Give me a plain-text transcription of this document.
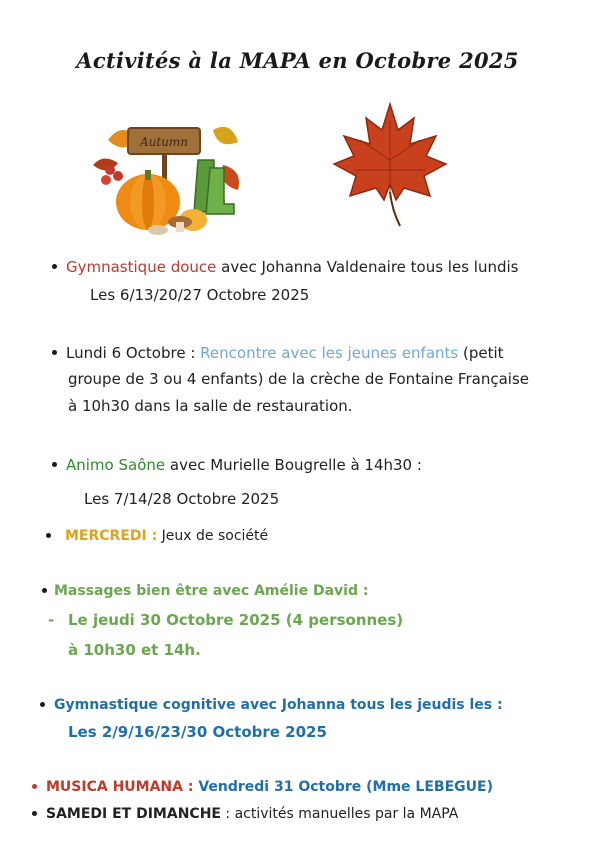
Activités à la MAPA en Octobre 2025
Autumn
Gymnastique douce avec Johanna Valdenaire tous les lundis
Les 6/13/20/27 Octobre 2025
Lundi 6 Octobre : Rencontre avec les jeunes enfants (petit
groupe de 3 ou 4 enfants) de la crèche de Fontaine Française
à 10h30 dans la salle de restauration.
Animo Saône avec Murielle Bougrelle à 14h30 :
Les 7/14/28 Octobre 2025
MERCREDI : Jeux de société
Massages bien être avec Amélie David :
- Le jeudi 30 Octobre 2025 (4 personnes)
à 10h30 et 14h.
Gymnastique cognitive avec Johanna tous les jeudis les :
Les 2/9/16/23/30 Octobre 2025
MUSICA HUMANA : Vendredi 31 Octobre (Mme LEBEGUE)
SAMEDI ET DIMANCHE : activités manuelles par la MAPA
